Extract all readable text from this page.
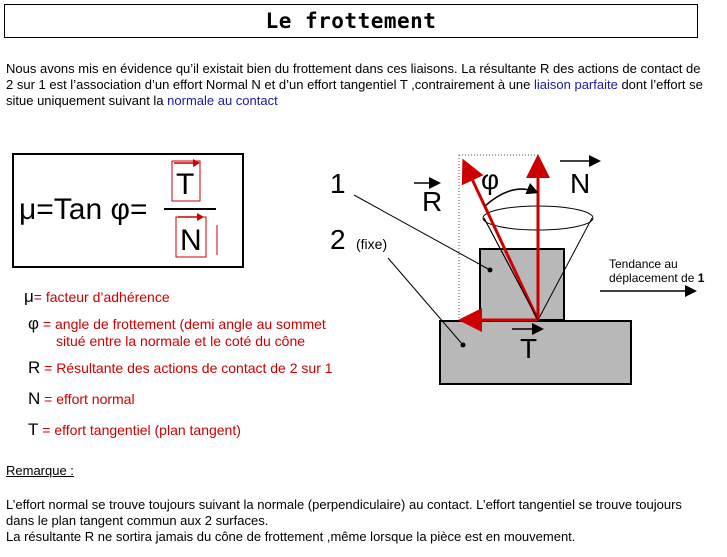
Le frottement
Nous avons mis en évidence qu’il existait bien du frottement dans ces liaisons. La résultante R des actions de contact de 2 sur 1 est l’association d’un effort Normal N et d’un effort tangentiel T ,contrairement à une liaison parfaite dont l’effort se situe uniquement suivant la normale au contact
μ=Tan φ=
T
N
μ= facteur d’adhérence
φ = angle de frottement (demi angle au sommet
situé entre la normale et le coté du cône
R = Résultante des actions de contact de 2 sur 1
N = effort normal
T = effort tangentiel (plan tangent)
1
2 (fixe)
R
N
T
φ
Tendance au
déplacement de 1
Remarque :
L’effort normal se trouve toujours suivant la normale (perpendiculaire) au contact. L’effort tangentiel se trouve toujours dans le plan tangent commun aux 2 surfaces.
La résultante R ne sortira jamais du cône de frottement ,même lorsque la pièce est en mouvement.
